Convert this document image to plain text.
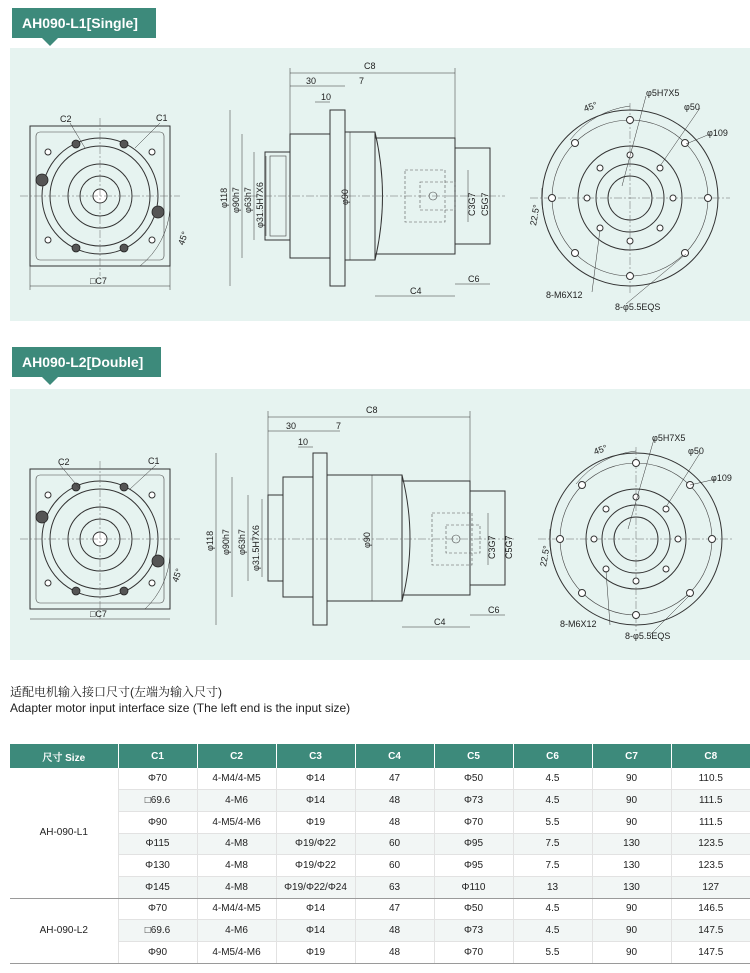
AH090-L1[Single]
□C7
C2	C1
45°
C8
30	7
10
φ118 φ90h7 φ63h7 φ31.5H7X6	φ90	C3G7 C5G7
C4
C6
45°
φ5H7X5
φ50
φ109
22.5°
8-M6X12
8-φ5.5EQS
AH090-L2[Double]
□C7
C2	C1
45°
C8
30	7
10
φ118 φ90h7 φ63h7 φ31.5H7X6	φ90	C3G7 C5G7
C4
C6
45°
φ5H7X5
φ50
φ109
22.5°
8-M6X12
8-φ5.5EQS
适配电机输入接口尺寸(左端为输入尺寸)
Adapter motor input interface size (The left end is the input size)
尺寸 Size	C1	C2	C3	C4	C5	C6	C7	C8
AH-090-L1	Φ70	4-M4/4-M5	Φ14	47	Φ50	4.5	90	110.5
	□69.6	4-M6	Φ14	48	Φ73	4.5	90	111.5
	Φ90	4-M5/4-M6	Φ19	48	Φ70	5.5	90	111.5
	Φ115	4-M8	Φ19/Φ22	60	Φ95	7.5	130	123.5
	Φ130	4-M8	Φ19/Φ22	60	Φ95	7.5	130	123.5
	Φ145	4-M8	Φ19/Φ22/Φ24	63	Φ110	13	130	127
AH-090-L2	Φ70	4-M4/4-M5	Φ14	47	Φ50	4.5	90	146.5
	□69.6	4-M6	Φ14	48	Φ73	4.5	90	147.5
	Φ90	4-M5/4-M6	Φ19	48	Φ70	5.5	90	147.5
